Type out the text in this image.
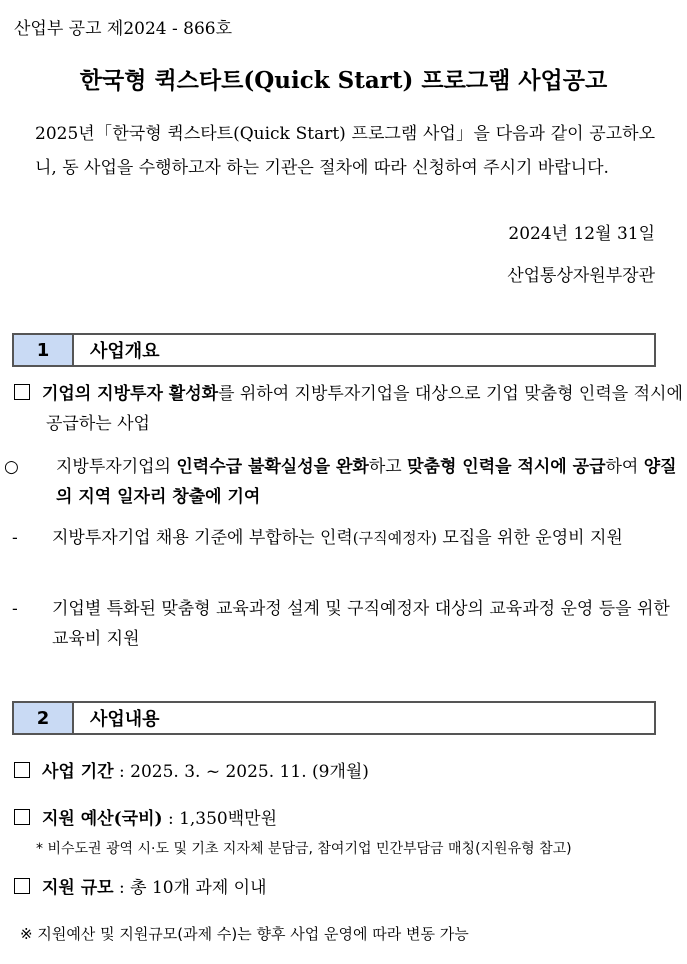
산업부 공고 제2024 - 866호
한국형 퀵스타트(Quick Start) 프로그램 사업공고
2025년「한국형 퀵스타트(Quick Start) 프로그램 사업」을 다음과 같이 공고하오니, 동 사업을 수행하고자 하는 기관은 절차에 따라 신청하여 주시기 바랍니다.
2024년 12월 31일
산업통상자원부장관
1	사업개요
기업의 지방투자 활성화를 위하여 지방투자기업을 대상으로 기업 맞춤형 인력을 적시에 공급하는 사업
○ 지방투자기업의 인력수급 불확실성을 완화하고 맞춤형 인력을 적시에 공급하여 양질의 지역 일자리 창출에 기여
- 지방투자기업 채용 기준에 부합하는 인력(구직예정자) 모집을 위한 운영비 지원
- 기업별 특화된 맞춤형 교육과정 설계 및 구직예정자 대상의 교육과정 운영 등을 위한 교육비 지원
2	사업내용
사업 기간 : 2025. 3. ~ 2025. 11. (9개월)
지원 예산(국비) : 1,350백만원
* 비수도권 광역 시·도 및 기초 지자체 분담금, 참여기업 민간부담금 매칭(지원유형 참고)
지원 규모 : 총 10개 과제 이내
※ 지원예산 및 지원규모(과제 수)는 향후 사업 운영에 따라 변동 가능
